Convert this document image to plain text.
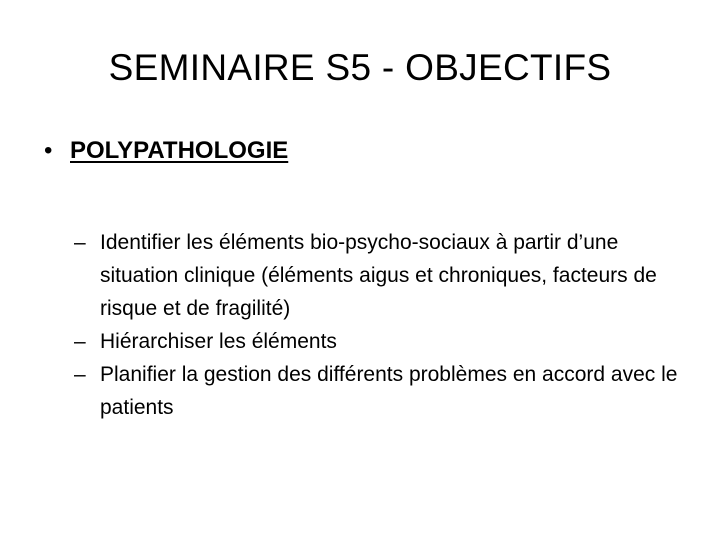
SEMINAIRE S5 - OBJECTIFS
• POLYPATHOLOGIE
– Identifier les éléments bio-psycho-sociaux à partir d’une situation clinique (éléments aigus et chroniques, facteurs de risque et de fragilité)
– Hiérarchiser les éléments
– Planifier la gestion des différents problèmes en accord avec le patients
